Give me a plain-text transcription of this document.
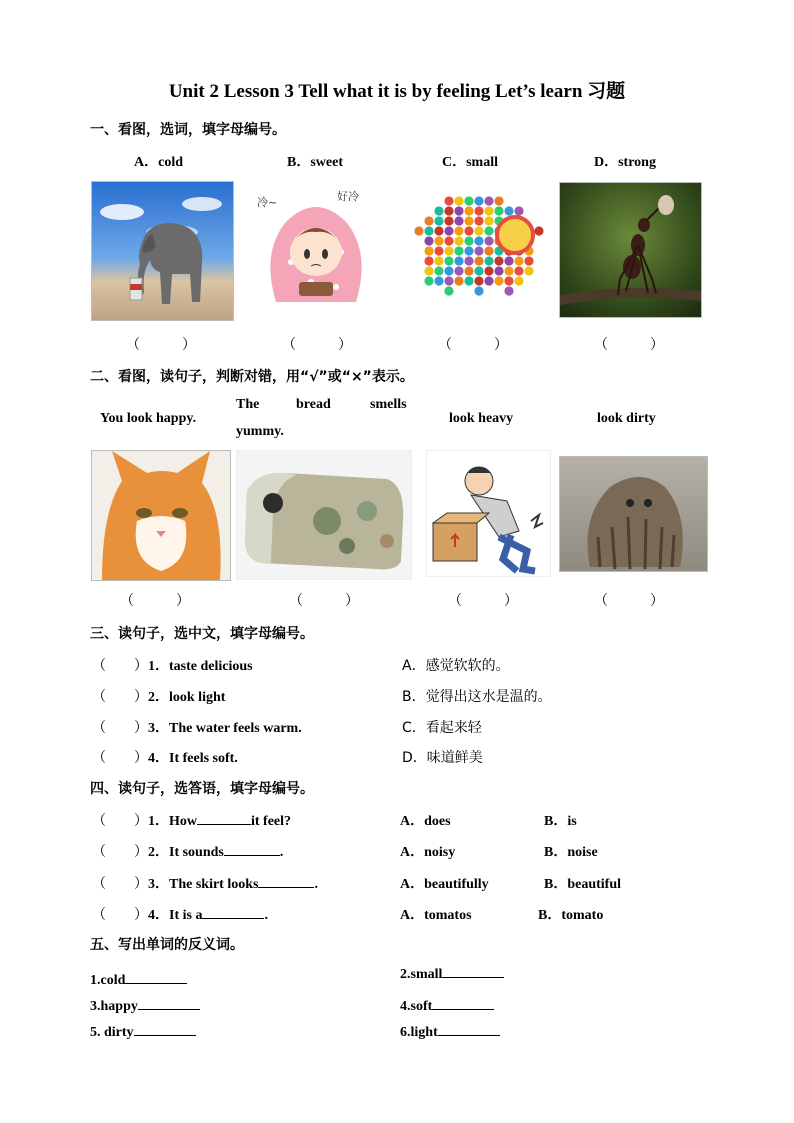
Unit 2 Lesson 3 Tell what it is by feeling Let’s learn 习题
一、看图，选词，填字母编号。
A．cold	B．sweet	C．small	D．strong
冷~	好冷
（　　　）	（　　　）	（　　　）	（　　　）
二、看图，读句子，判断对错，用“√”或“×”表示。
You look happy.
The	bread	smells
yummy.
look heavy	look dirty
（　　　）	（　　　）	（　　　）	（　　　）
三、读句子，选中文，填字母编号。
（　　）1．taste delicious	A．感觉软软的。
（　　）2．look light	B．觉得出这水是温的。
（　　）3．The water feels warm.	C．看起来轻
（　　）4．It feels soft.	D．味道鲜美
四、读句子，选答语，填字母编号。
（　　）1．How	it feel?	A．does	B．is
（　　）2．It sounds	.	A．noisy	B．noise
（　　）3．The skirt looks	.	A．beautifully	B．beautiful
（　　）4．It is a	.	A．tomatos	B．tomato
五、写出单词的反义词。
1.cold	2.small
3.happy	4.soft
5. dirty	6.light
